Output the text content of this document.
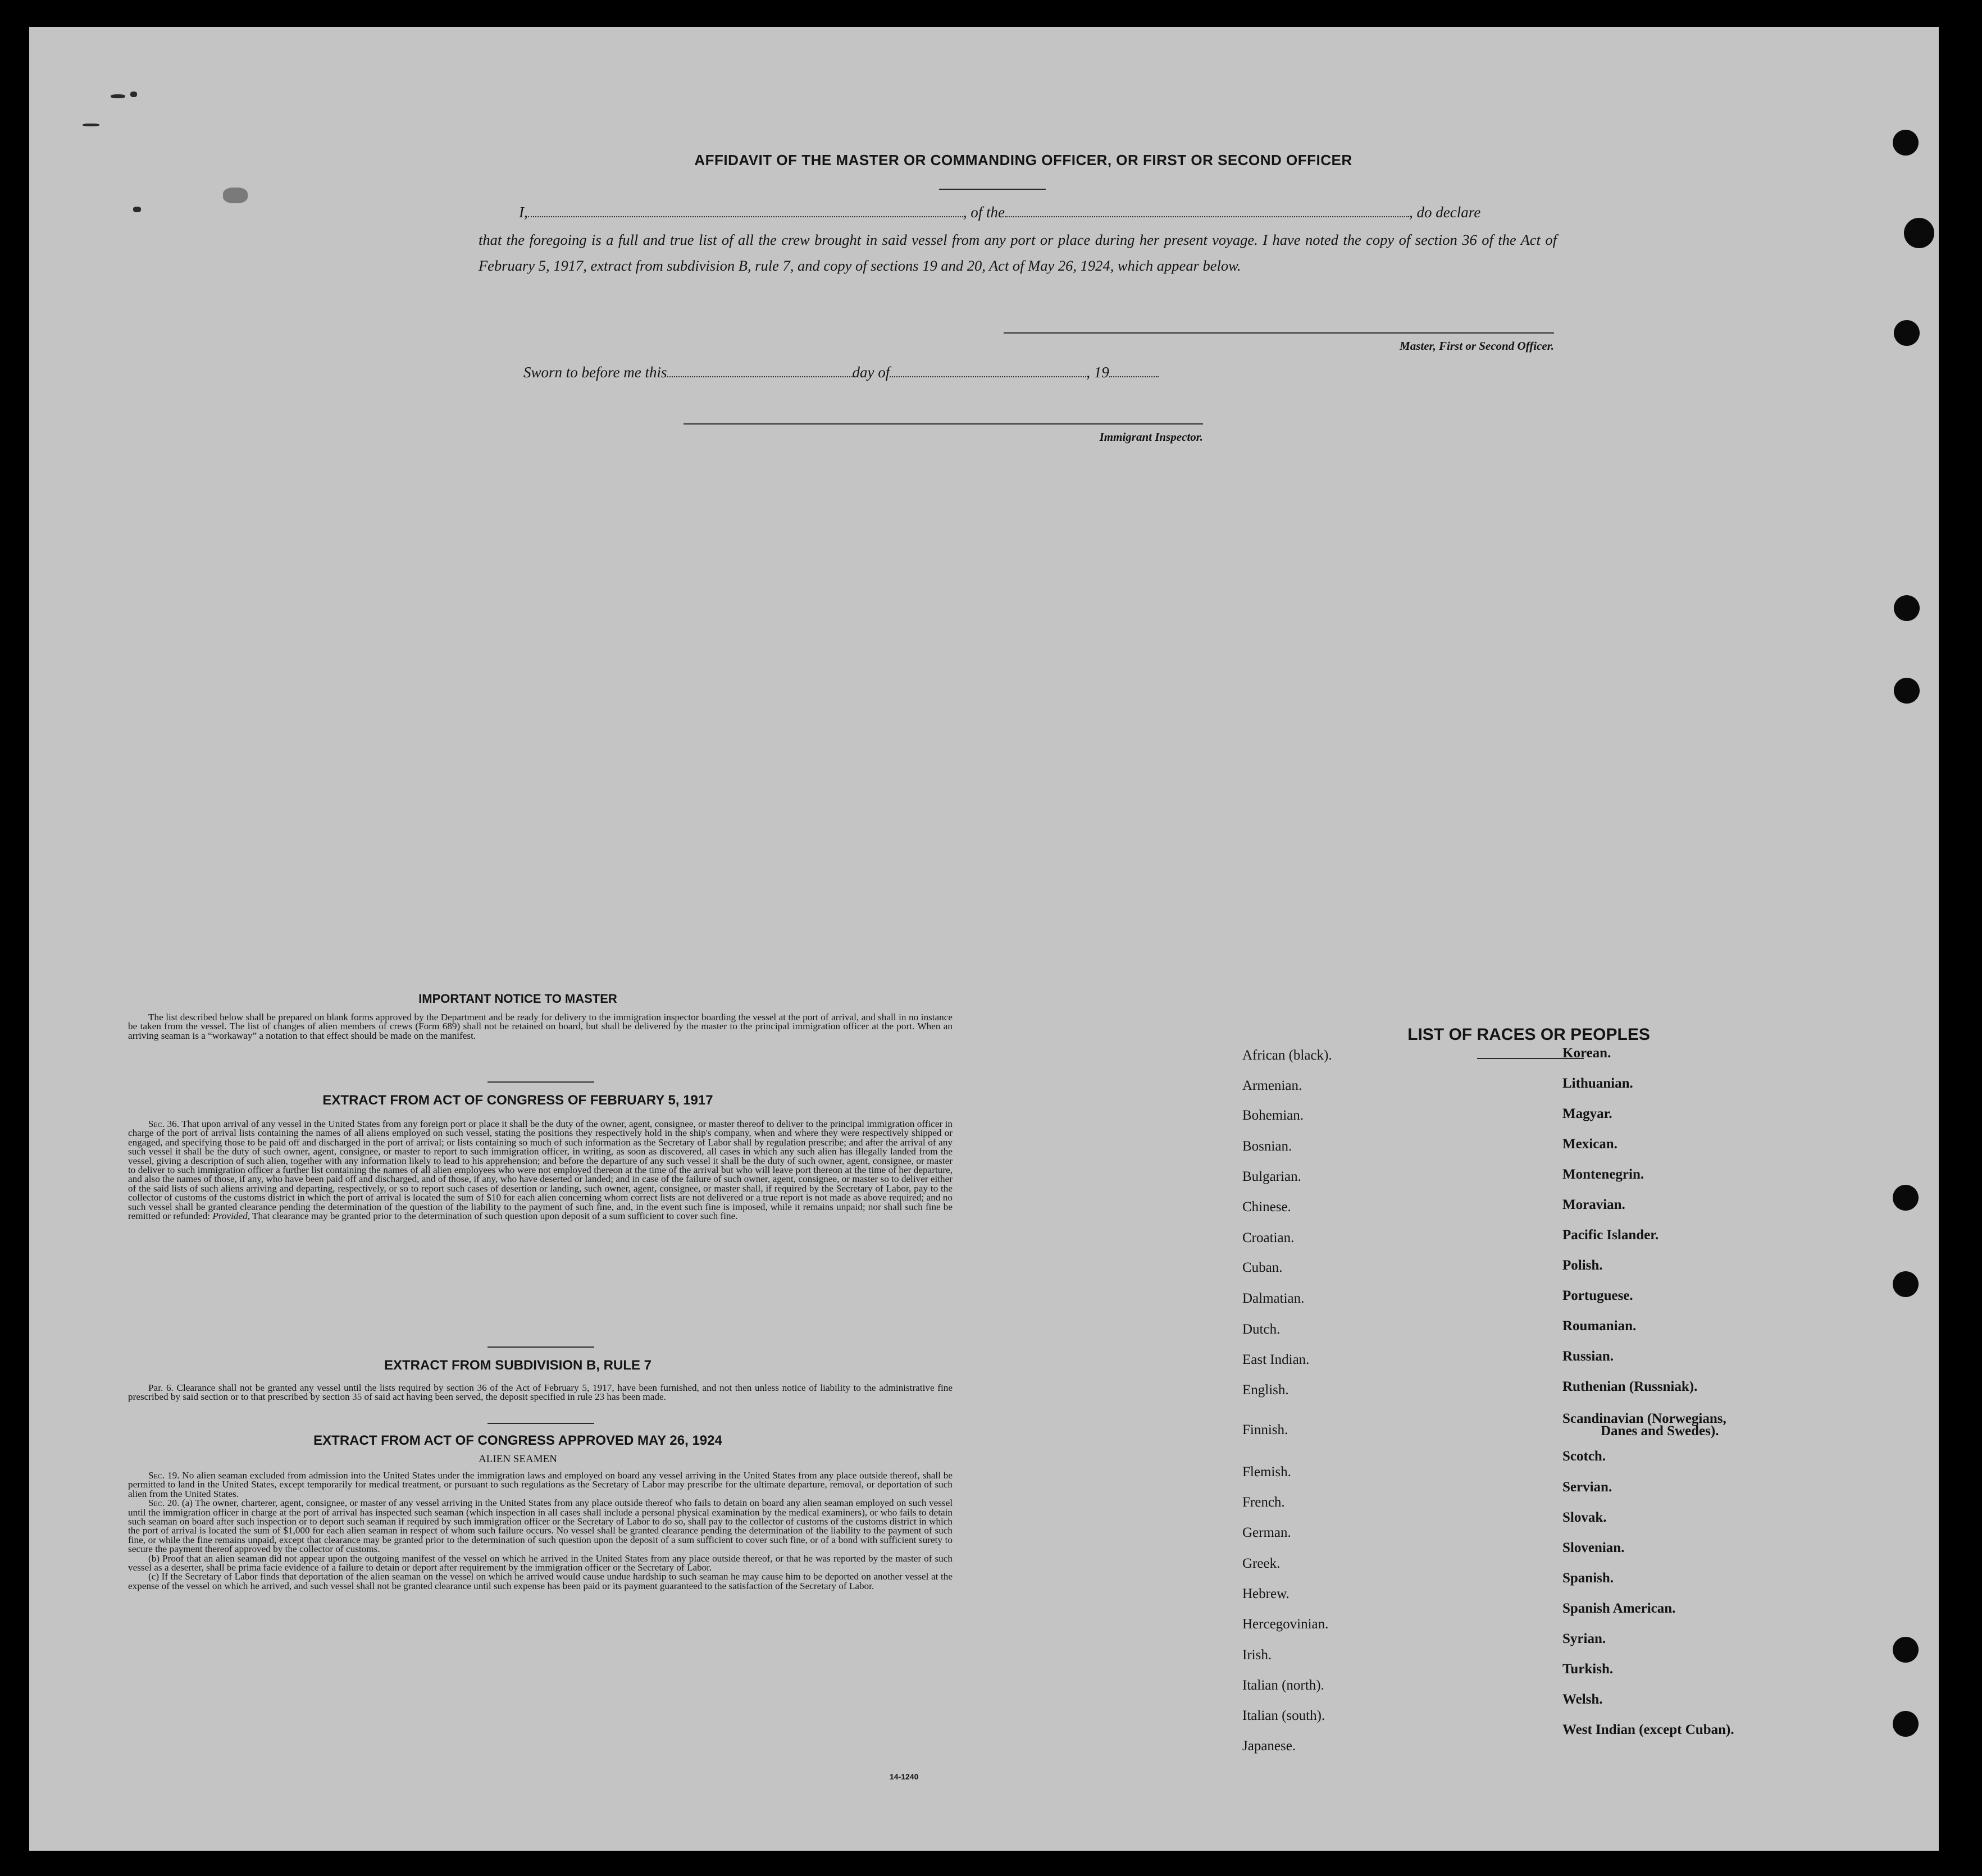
AFFIDAVIT OF THE MASTER OR COMMANDING OFFICER, OR FIRST OR SECOND OFFICER
I,	, of the	, do declare
that the foregoing is a full and true list of all the crew brought in said vessel from any port or place during her present voyage. I have noted the copy of section 36 of the Act of February 5, 1917, extract from subdivision B, rule 7, and copy of sections 19 and 20, Act of May 26, 1924, which appear below.
Master, First or Second Officer.
Sworn to before me this	day of	, 19
Immigrant Inspector.
IMPORTANT NOTICE TO MASTER

The list described below shall be prepared on blank forms approved by the Department and be ready for delivery to the immigration inspector boarding the vessel at the port of arrival, and shall in no instance be taken from the vessel. The list of changes of alien members of crews (Form 689) shall not be retained on board, but shall be delivered by the master to the principal immigration officer at the port. When an arriving seaman is a “workaway” a notation to that effect should be made on the manifest.

EXTRACT FROM ACT OF CONGRESS OF FEBRUARY 5, 1917

Sec. 36. That upon arrival of any vessel in the United States from any foreign port or place it shall be the duty of the owner, agent, consignee, or master thereof to deliver to the principal immigration officer in charge of the port of arrival lists containing the names of all aliens employed on such vessel, stating the positions they respectively hold in the ship's company, when and where they were respectively shipped or engaged, and specifying those to be paid off and discharged in the port of arrival; or lists containing so much of such information as the Secretary of Labor shall by regulation prescribe; and after the arrival of any such vessel it shall be the duty of such owner, agent, consignee, or master to report to such immigration officer, in writing, as soon as discovered, all cases in which any such alien has illegally landed from the vessel, giving a description of such alien, together with any information likely to lead to his apprehension; and before the departure of any such vessel it shall be the duty of such owner, agent, consignee, or master to deliver to such immigration officer a further list containing the names of all alien employees who were not employed thereon at the time of the arrival but who will leave port thereon at the time of her departure, and also the names of those, if any, who have been paid off and discharged, and of those, if any, who have deserted or landed; and in case of the failure of such owner, agent, consignee, or master so to deliver either of the said lists of such aliens arriving and departing, respectively, or so to report such cases of desertion or landing, such owner, agent, consignee, or master shall, if required by the Secretary of Labor, pay to the collector of customs of the customs district in which the port of arrival is located the sum of $10 for each alien concerning whom correct lists are not delivered or a true report is not made as above required; and no such vessel shall be granted clearance pending the determination of the question of the liability to the payment of such fine, and, in the event such fine is imposed, while it remains unpaid; nor shall such fine be remitted or refunded: Provided, That clearance may be granted prior to the determination of such question upon deposit of a sum sufficient to cover such fine.

EXTRACT FROM SUBDIVISION B, RULE 7

Par. 6. Clearance shall not be granted any vessel until the lists required by section 36 of the Act of February 5, 1917, have been furnished, and not then unless notice of liability to the administrative fine prescribed by said section or to that prescribed by section 35 of said act having been served, the deposit specified in rule 23 has been made.

EXTRACT FROM ACT OF CONGRESS APPROVED MAY 26, 1924
ALIEN SEAMEN

Sec. 19. No alien seaman excluded from admission into the United States under the immigration laws and employed on board any vessel arriving in the United States from any place outside thereof, shall be permitted to land in the United States, except temporarily for medical treatment, or pursuant to such regulations as the Secretary of Labor may prescribe for the ultimate departure, removal, or deportation of such alien from the United States.

Sec. 20. (a) The owner, charterer, agent, consignee, or master of any vessel arriving in the United States from any place outside thereof who fails to detain on board any alien seaman employed on such vessel until the immigration officer in charge at the port of arrival has inspected such seaman (which inspection in all cases shall include a personal physical examination by the medical examiners), or who fails to detain such seaman on board after such inspection or to deport such seaman if required by such immigration officer or the Secretary of Labor to do so, shall pay to the collector of customs of the customs district in which the port of arrival is located the sum of $1,000 for each alien seaman in respect of whom such failure occurs. No vessel shall be granted clearance pending the determination of the liability to the payment of such fine, or while the fine remains unpaid, except that clearance may be granted prior to the determination of such question upon the deposit of a sum sufficient to cover such fine, or of a bond with sufficient surety to secure the payment thereof approved by the collector of customs.

(b) Proof that an alien seaman did not appear upon the outgoing manifest of the vessel on which he arrived in the United States from any place outside thereof, or that he was reported by the master of such vessel as a deserter, shall be prima facie evidence of a failure to detain or deport after requirement by the immigration officer or the Secretary of Labor.

(c) If the Secretary of Labor finds that deportation of the alien seaman on the vessel on which he arrived would cause undue hardship to such seaman he may cause him to be deported on another vessel at the expense of the vessel on which he arrived, and such vessel shall not be granted clearance until such expense has been paid or its payment guaranteed to the satisfaction of the Secretary of Labor.

14-1240
LIST OF RACES OR PEOPLES
African (black).
Armenian.
Bohemian.
Bosnian.
Bulgarian.
Chinese.
Croatian.
Cuban.
Dalmatian.
Dutch.
East Indian.
English.
Finnish.
Flemish.
French.
German.
Greek.
Hebrew.
Hercegovinian.
Irish.
Italian (north).
Italian (south).
Japanese.
Korean.
Lithuanian.
Magyar.
Mexican.
Montenegrin.
Moravian.
Pacific Islander.
Polish.
Portuguese.
Roumanian.
Russian.
Ruthenian (Russniak).
Scandinavian (Norwegians,
Danes and Swedes).
Scotch.
Servian.
Slovak.
Slovenian.
Spanish.
Spanish American.
Syrian.
Turkish.
Welsh.
West Indian (except Cuban).
